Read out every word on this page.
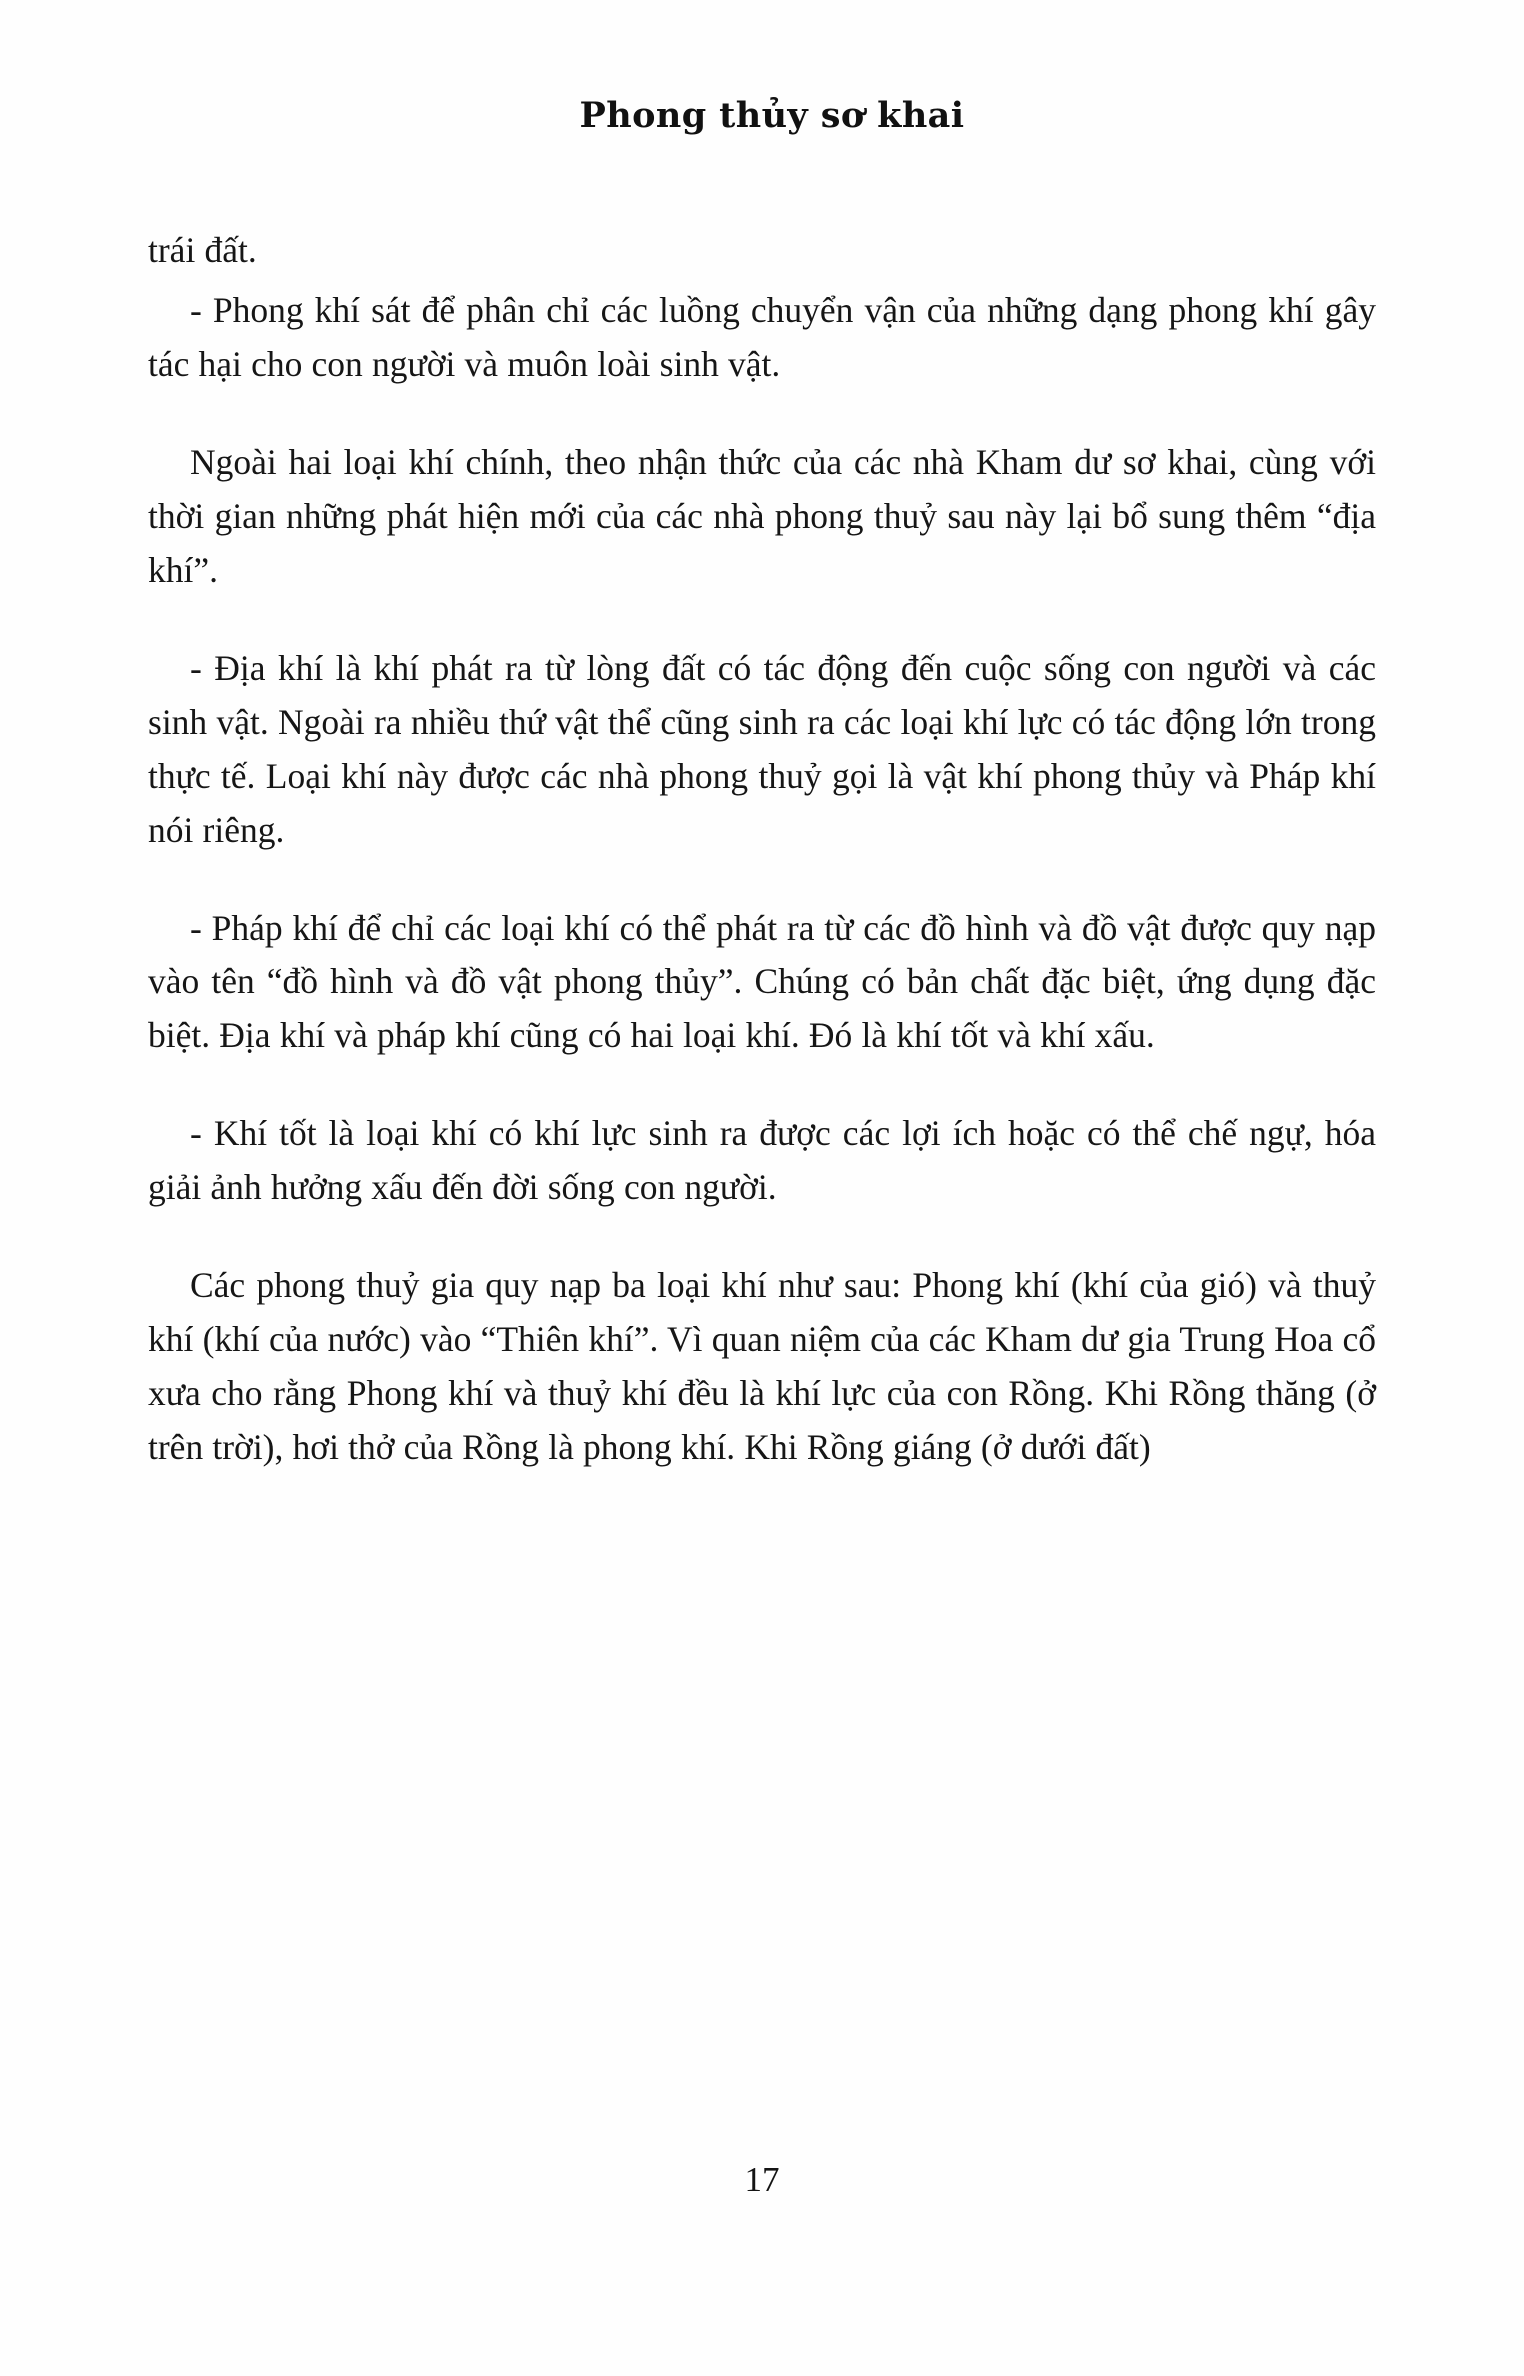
Phong thủy sơ khai

trái đất.

- Phong khí sát để phân chỉ các luồng chuyển vận của những dạng phong khí gây tác hại cho con người và muôn loài sinh vật.

Ngoài hai loại khí chính, theo nhận thức của các nhà Kham dư sơ khai, cùng với thời gian những phát hiện mới của các nhà phong thuỷ sau này lại bổ sung thêm “địa khí”.

- Địa khí là khí phát ra từ lòng đất có tác động đến cuộc sống con người và các sinh vật. Ngoài ra nhiều thứ vật thể cũng sinh ra các loại khí lực có tác động lớn trong thực tế. Loại khí này được các nhà phong thuỷ gọi là vật khí phong thủy và Pháp khí nói riêng.

- Pháp khí để chỉ các loại khí có thể phát ra từ các đồ hình và đồ vật được quy nạp vào tên “đồ hình và đồ vật phong thủy”. Chúng có bản chất đặc biệt, ứng dụng đặc biệt. Địa khí và pháp khí cũng có hai loại khí. Đó là khí tốt và khí xấu.

- Khí tốt là loại khí có khí lực sinh ra được các lợi ích hoặc có thể chế ngự, hóa giải ảnh hưởng xấu đến đời sống con người.

Các phong thuỷ gia quy nạp ba loại khí như sau: Phong khí (khí của gió) và thuỷ khí (khí của nước) vào “Thiên khí”. Vì quan niệm của các Kham dư gia Trung Hoa cổ xưa cho rằng Phong khí và thuỷ khí đều là khí lực của con Rồng. Khi Rồng thăng (ở trên trời), hơi thở của Rồng là phong khí. Khi Rồng giáng (ở dưới đất)

17
